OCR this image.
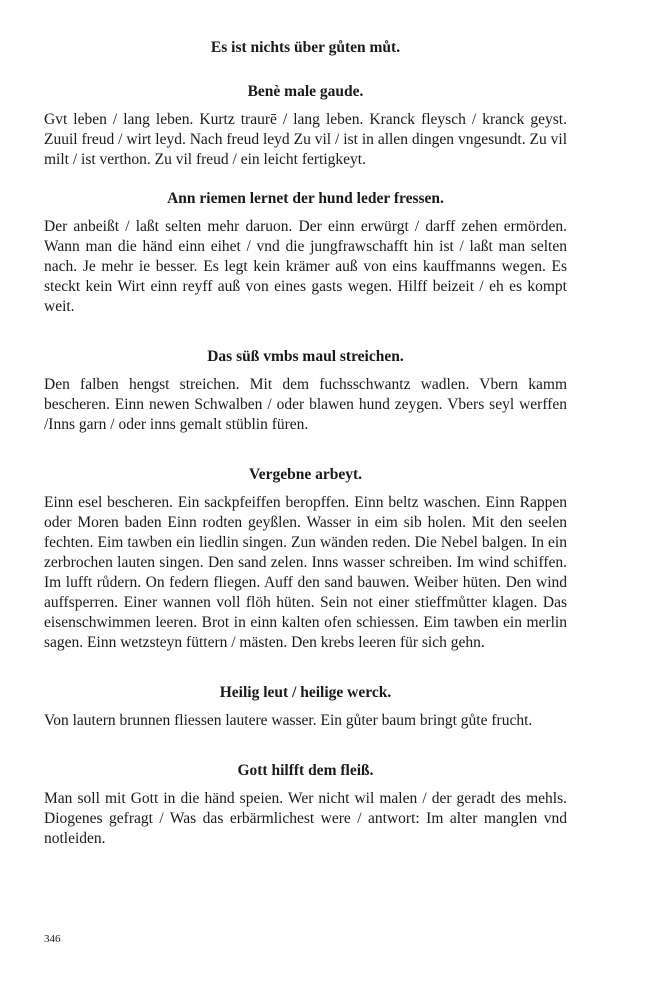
Es ist nichts über gůten můt.

Benè male gaude.

Gvt leben / lang leben. Kurtz traurē / lang leben. Kranck fleysch / kranck geyst. Zuuil freud / wirt leyd. Nach freud leyd Zu vil / ist in allen dingen vngesundt. Zu vil milt / ist verthon. Zu vil freud / ein leicht fertigkeyt.

Ann riemen lernet der hund leder fressen.

Der anbeißt / laßt selten mehr daruon. Der einn erwürgt / darff zehen ermörden. Wann man die händ einn eihet / vnd die jungfrawschafft hin ist / laßt man selten nach. Je mehr ie besser. Es legt kein krämer auß von eins kauffmanns wegen. Es steckt kein Wirt einn reyff auß von eines gasts wegen. Hilff beizeit / eh es kompt weit.

Das süß vmbs maul streichen.

Den falben hengst streichen. Mit dem fuchsschwantz wadlen. Vbern kamm bescheren. Einn newen Schwalben / oder blawen hund zeygen. Vbers seyl werffen /Inns garn / oder inns gemalt stüblin füren.

Vergebne arbeyt.

Einn esel bescheren. Ein sackpfeiffen beropffen. Einn beltz waschen. Einn Rappen oder Moren baden Einn rodten geyßlen. Wasser in eim sib holen. Mit den seelen fechten. Eim tawben ein liedlin singen. Zun wänden reden. Die Nebel balgen. In ein zerbrochen lauten singen. Den sand zelen. Inns wasser schreiben. Im wind schiffen. Im lufft růdern. On federn fliegen. Auff den sand bauwen. Weiber hüten. Den wind auffsperren. Einer wannen voll flöh hüten. Sein not einer stieffmůtter klagen. Das eisenschwimmen leeren. Brot in einn kalten ofen schiessen. Eim tawben ein merlin sagen. Einn wetzsteyn füttern / mästen. Den krebs leeren für sich gehn.

Heilig leut / heilige werck.

Von lautern brunnen fliessen lautere wasser. Ein gůter baum bringt gůte frucht.

Gott hilfft dem fleiß.

Man soll mit Gott in die händ speien. Wer nicht wil malen / der geradt des mehls. Diogenes gefragt / Was das erbärmlichest were / antwort: Im alter manglen vnd notleiden.

346
